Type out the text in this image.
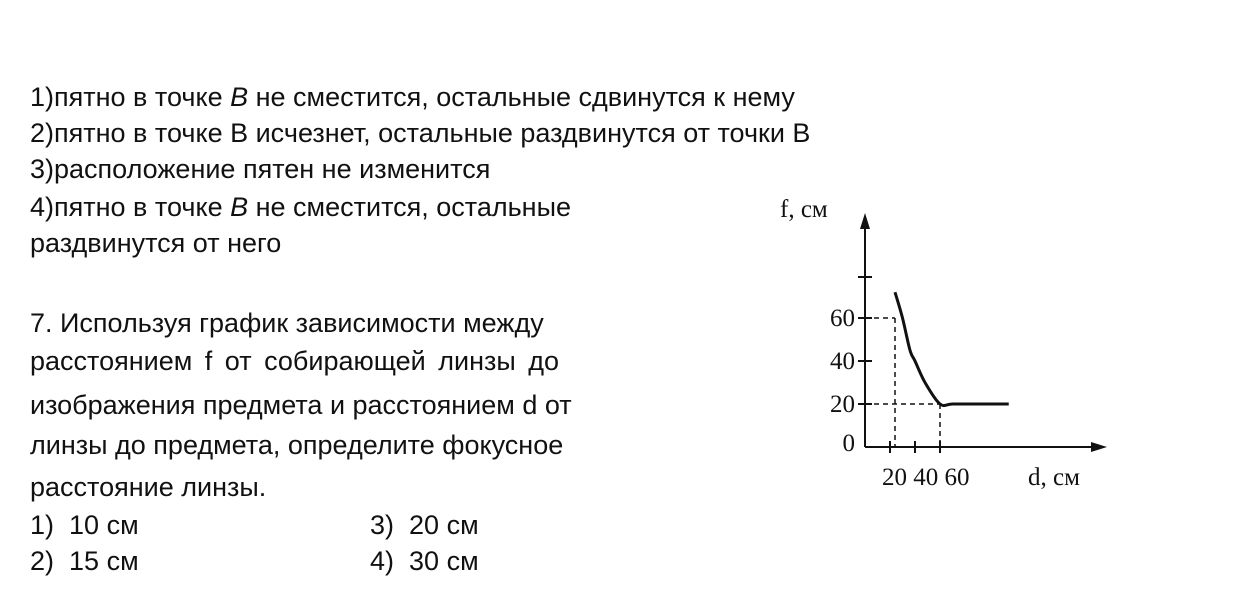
1)пятно в точке B не сместится, остальные сдвинутся к нему
2)пятно в точке В исчезнет, остальные раздвинутся от точки В
3)расположение пятен не изменится
4)пятно в точке B не сместится, остальные
раздвинутся от него
7. Используя график зависимости между
расстоянием f от собирающей линзы до
изображения предмета и расстоянием d от
линзы до предмета, определите фокусное
расстояние линзы.
1) 10 см
2) 15 см
3) 20 см
4) 30 см
f, см
d, см
0
20
40
60
20 40 60
